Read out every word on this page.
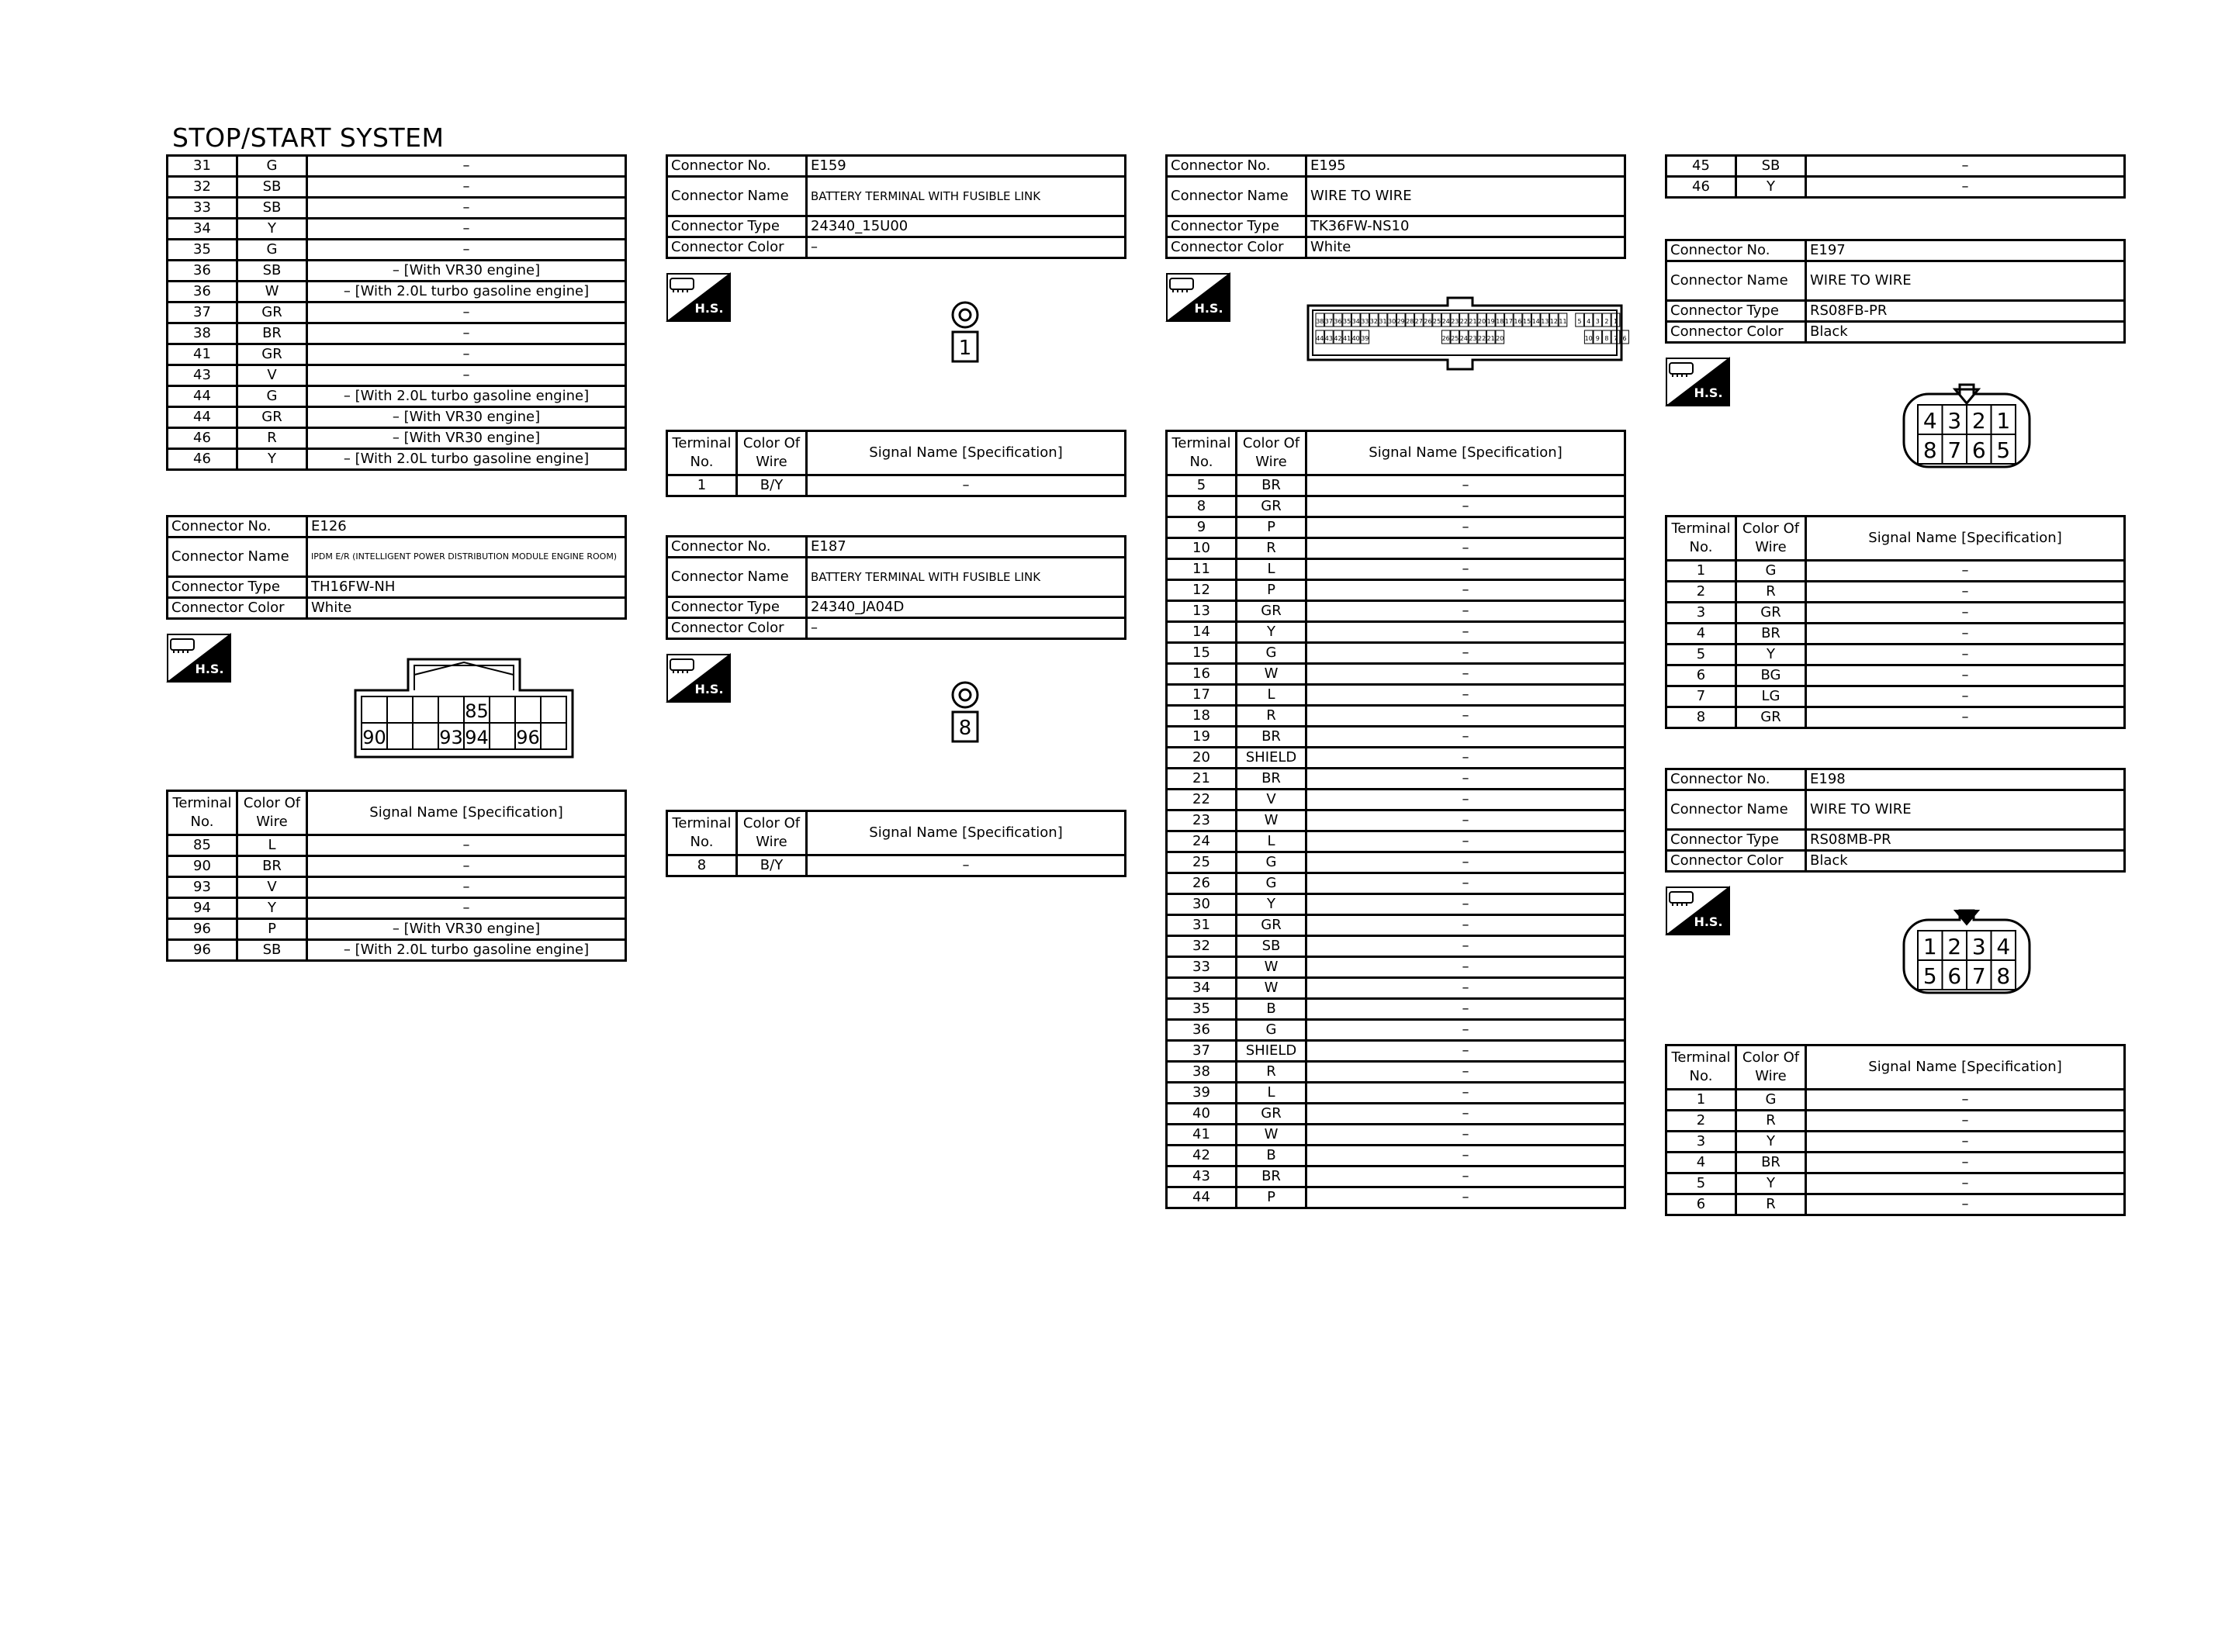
STOP/START SYSTEM
31	G	–
32	SB	–
33	SB	–
34	Y	–
35	G	–
36	SB	– [With VR30 engine]
36	W	– [With 2.0L turbo gasoline engine]
37	GR	–
38	BR	–
41	GR	–
43	V	–
44	G	– [With 2.0L turbo gasoline engine]
44	GR	– [With VR30 engine]
46	R	– [With VR30 engine]
46	Y	– [With 2.0L turbo gasoline engine]
Connector No.	E126
Connector Name	IPDM E/R (INTELLIGENT POWER DISTRIBUTION MODULE ENGINE ROOM)
Connector Type	TH16FW-NH
Connector Color	White
H.S.
85
90	93 94 96
Terminal No.	Color Of Wire	Signal Name [Specification]
85	L	–
90	BR	–
93	V	–
94	Y	–
96	P	– [With VR30 engine]
96	SB	– [With 2.0L turbo gasoline engine]
Connector No.	E159
Connector Name	BATTERY TERMINAL WITH FUSIBLE LINK
Connector Type	24340_15U00
Connector Color	–
H.S.
1
Terminal No.	Color Of Wire	Signal Name [Specification]
1	B/Y	–
Connector No.	E187
Connector Name	BATTERY TERMINAL WITH FUSIBLE LINK
Connector Type	24340_JA04D
Connector Color	–
H.S.
8
Terminal No.	Color Of Wire	Signal Name [Specification]
8	B/Y	–
Connector No.	E195
Connector Name	WIRE TO WIRE
Connector Type	TK36FW-NS10
Connector Color	White
H.S.
38 37 36 35 34 33 32 31 30 29 28 27 26 25 24 23 22 21 20 19 18 17 16 15 14 13 12 11 5 4 3 2 1
44 43 42 41 40 39	26 25 24 23 22 21 20	10 9 8 7 6
Terminal No.	Color Of Wire	Signal Name [Specification]
5	BR	–
8	GR	–
9	P	–
10	R	–
11	L	–
12	P	–
13	GR	–
14	Y	–
15	G	–
16	W	–
17	L	–
18	R	–
19	BR	–
20	SHIELD	–
21	BR	–
22	V	–
23	W	–
24	L	–
25	G	–
26	G	–
30	Y	–
31	GR	–
32	SB	–
33	W	–
34	W	–
35	B	–
36	G	–
37	SHIELD	–
38	R	–
39	L	–
40	GR	–
41	W	–
42	B	–
43	BR	–
44	P	–
45	SB	–
46	Y	–
Connector No.	E197
Connector Name	WIRE TO WIRE
Connector Type	RS08FB-PR
Connector Color	Black
H.S.
4 3 2 1
8 7 6 5
Terminal No.	Color Of Wire	Signal Name [Specification]
1	G	–
2	R	–
3	GR	–
4	BR	–
5	Y	–
6	BG	–
7	LG	–
8	GR	–
Connector No.	E198
Connector Name	WIRE TO WIRE
Connector Type	RS08MB-PR
Connector Color	Black
H.S.
1 2 3 4
5 6 7 8
Terminal No.	Color Of Wire	Signal Name [Specification]
1	G	–
2	R	–
3	Y	–
4	BR	–
5	Y	–
6	R	–
